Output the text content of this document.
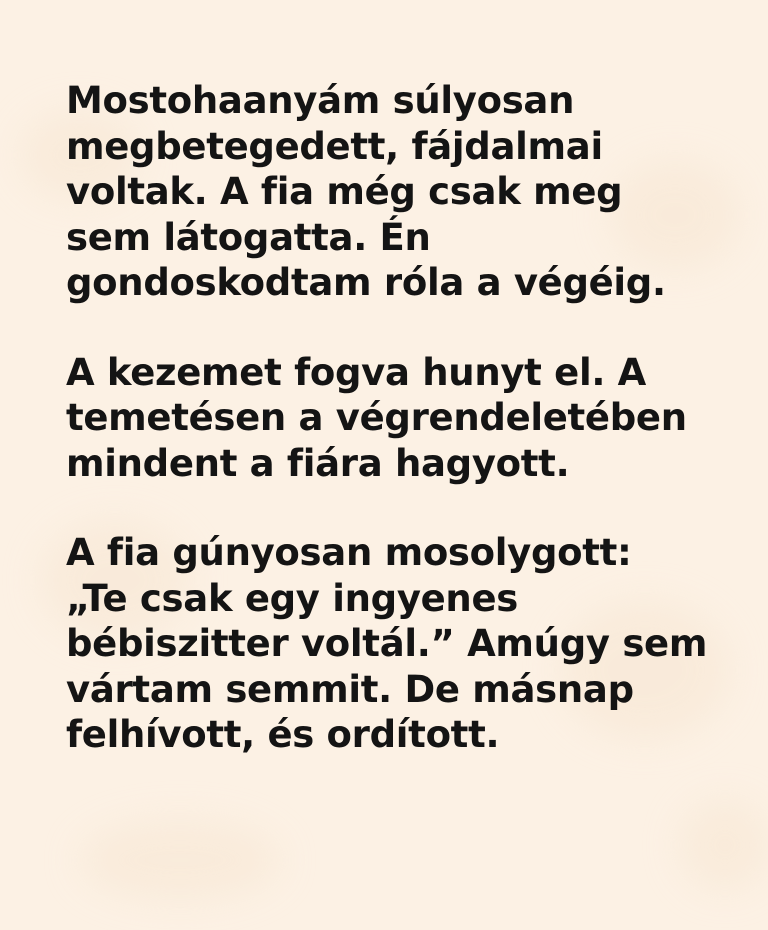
Mostohaanyám súlyosan
megbetegedett, fájdalmai
voltak. A fia még csak meg
sem látogatta. Én
gondoskodtam róla a végéig.

A kezemet fogva hunyt el. A
temetésen a végrendeletében
mindent a fiára hagyott.

A fia gúnyosan mosolygott:
„Te csak egy ingyenes
bébiszitter voltál.” Amúgy sem
vártam semmit. De másnap
felhívott, és ordított.
